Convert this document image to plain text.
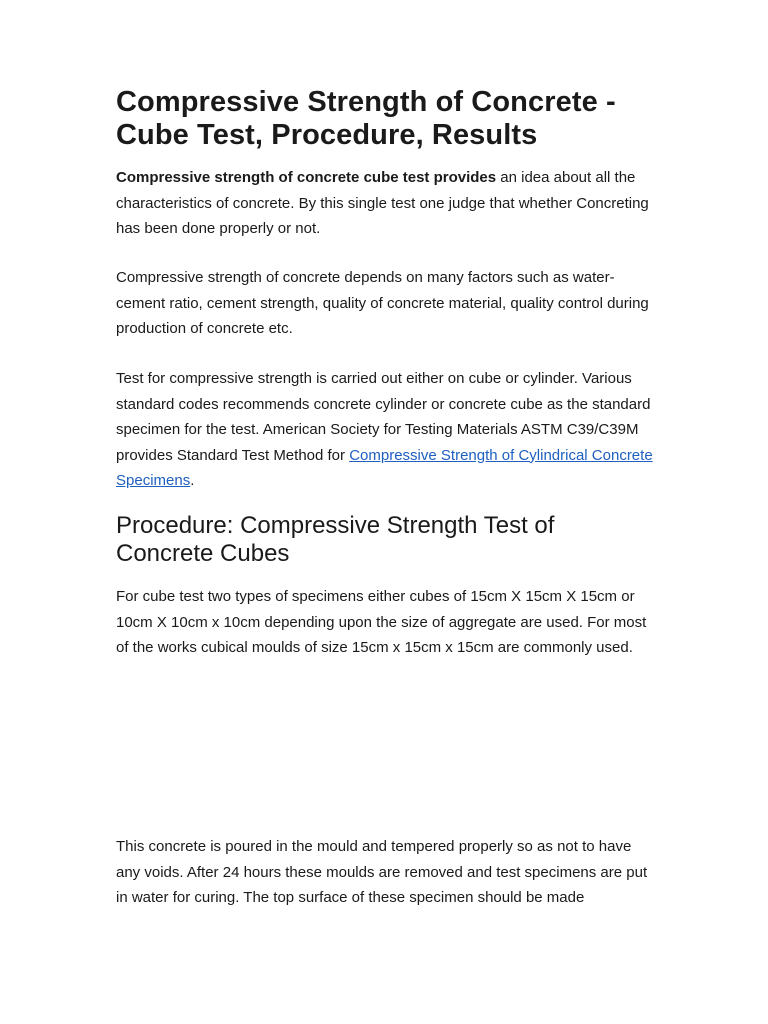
Compressive Strength of Concrete - Cube Test, Procedure, Results

Compressive strength of concrete cube test provides an idea about all the characteristics of concrete. By this single test one judge that whether Concreting has been done properly or not.

Compressive strength of concrete depends on many factors such as water-cement ratio, cement strength, quality of concrete material, quality control during production of concrete etc.

Test for compressive strength is carried out either on cube or cylinder. Various standard codes recommends concrete cylinder or concrete cube as the standard specimen for the test. American Society for Testing Materials ASTM C39/C39M provides Standard Test Method for Compressive Strength of Cylindrical Concrete Specimens.

Procedure: Compressive Strength Test of Concrete Cubes

For cube test two types of specimens either cubes of 15cm X 15cm X 15cm or 10cm X 10cm x 10cm depending upon the size of aggregate are used. For most of the works cubical moulds of size 15cm x 15cm x 15cm are commonly used.

This concrete is poured in the mould and tempered properly so as not to have any voids. After 24 hours these moulds are removed and test specimens are put in water for curing. The top surface of these specimen should be made
